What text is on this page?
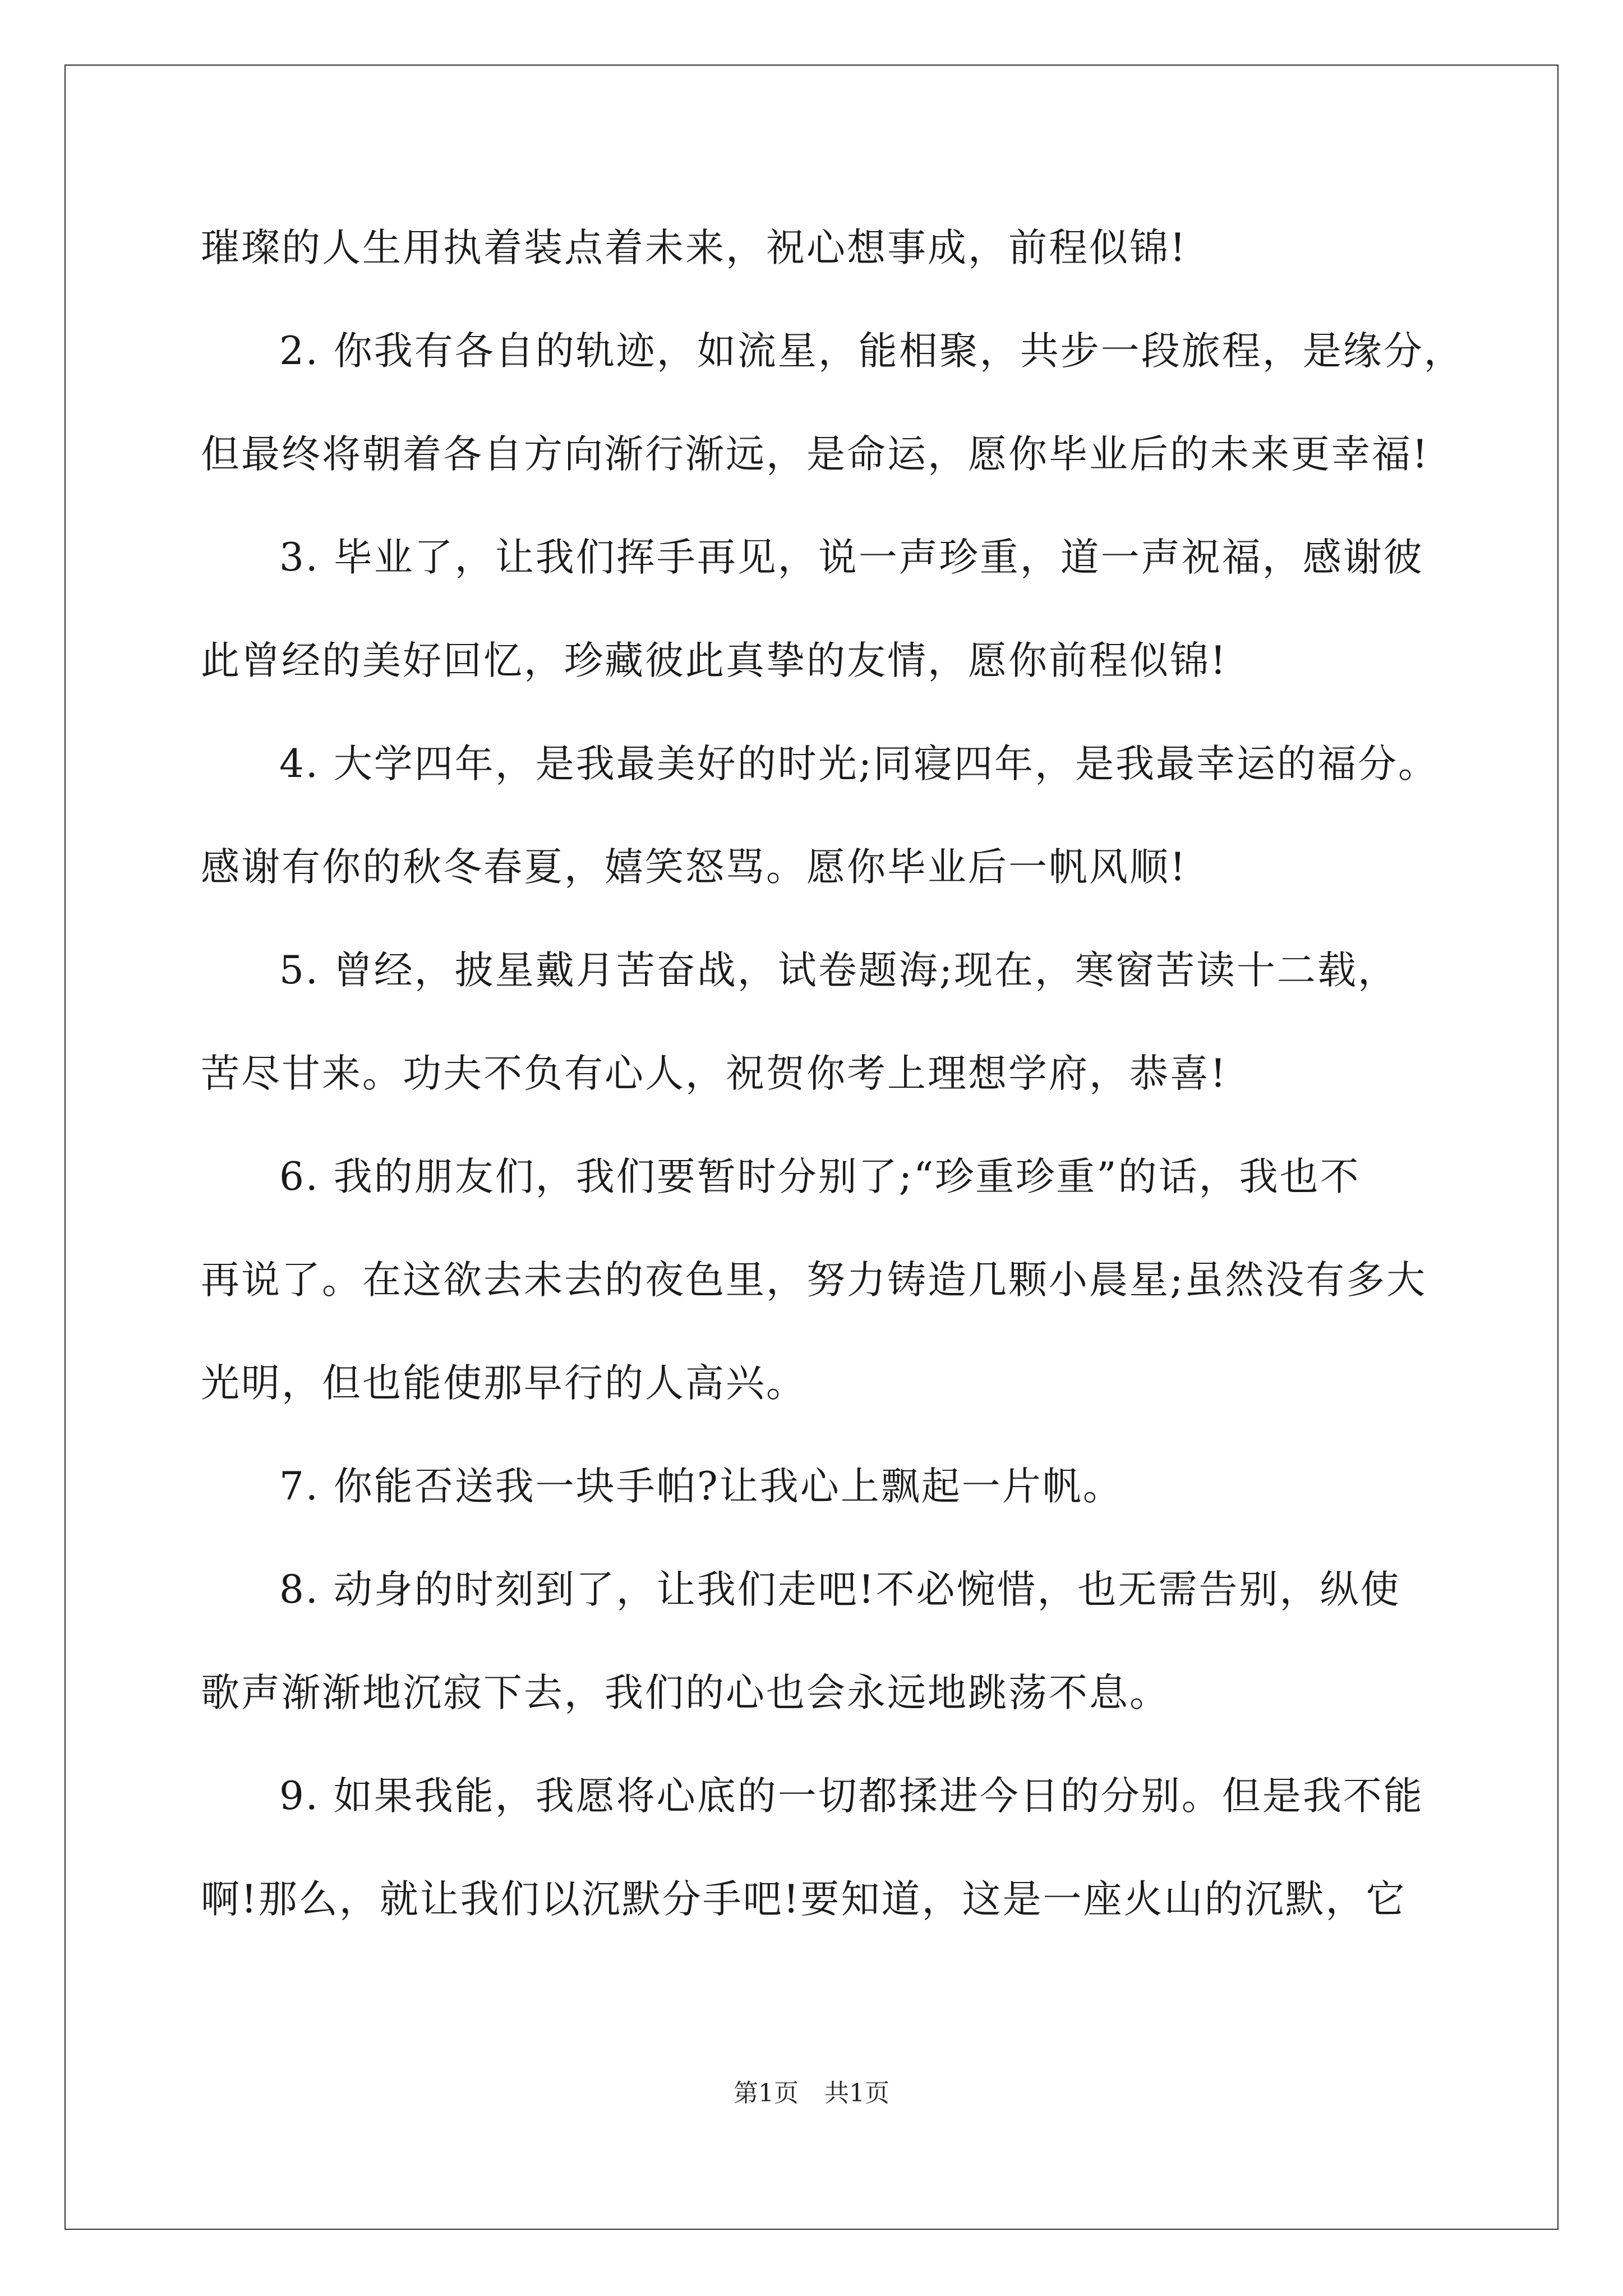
璀璨的人生用执着装点着未来，祝心想事成，前程似锦!
2. 你我有各自的轨迹，如流星，能相聚，共步一段旅程，是缘分，
但最终将朝着各自方向渐行渐远，是命运，愿你毕业后的未来更幸福!
3. 毕业了，让我们挥手再见，说一声珍重，道一声祝福，感谢彼
此曾经的美好回忆，珍藏彼此真挚的友情，愿你前程似锦!
4. 大学四年，是我最美好的时光;同寝四年，是我最幸运的福分。
感谢有你的秋冬春夏，嬉笑怒骂。愿你毕业后一帆风顺!
5. 曾经，披星戴月苦奋战，试卷题海;现在，寒窗苦读十二载，
苦尽甘来。功夫不负有心人，祝贺你考上理想学府，恭喜!
6. 我的朋友们，我们要暂时分别了;“珍重珍重”的话，我也不
再说了。在这欲去未去的夜色里，努力铸造几颗小晨星;虽然没有多大
光明，但也能使那早行的人高兴。
7. 你能否送我一块手帕?让我心上飘起一片帆。
8. 动身的时刻到了，让我们走吧!不必惋惜，也无需告别，纵使
歌声渐渐地沉寂下去，我们的心也会永远地跳荡不息。
9. 如果我能，我愿将心底的一切都揉进今日的分别。但是我不能
啊!那么，就让我们以沉默分手吧!要知道，这是一座火山的沉默，它
第1页 共1页
